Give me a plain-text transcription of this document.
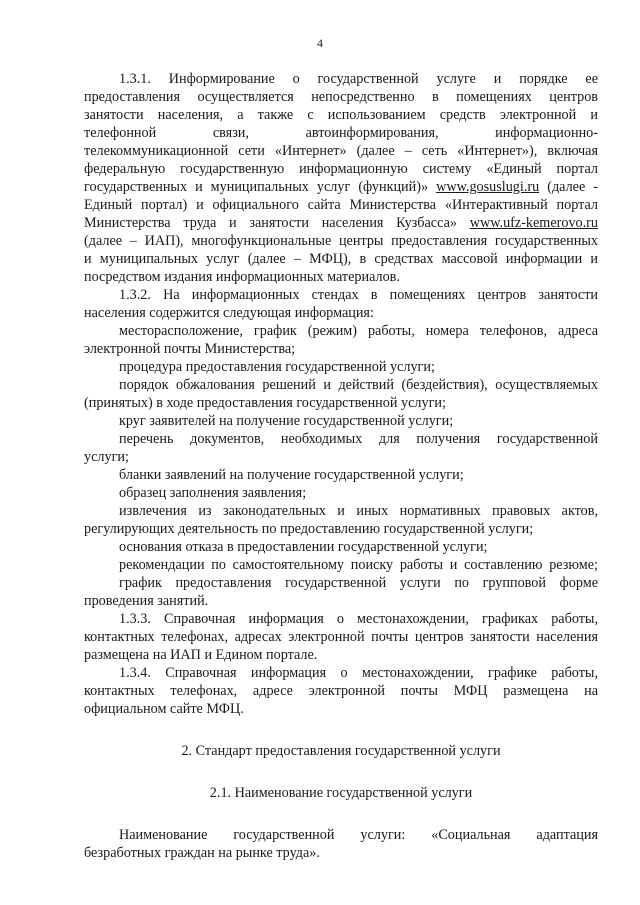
4
1.3.1. Информирование о государственной услуге и порядке ее
предоставления осуществляется непосредственно в помещениях центров
занятости населения, а также с использованием средств электронной и
телефонной связи, автоинформирования, информационно-
телекоммуникационной сети «Интернет» (далее – сеть «Интернет»), включая
федеральную государственную информационную систему «Единый портал
государственных и муниципальных услуг (функций)» www.gosuslugi.ru (далее -
Единый портал) и официального сайта Министерства «Интерактивный портал
Министерства труда и занятости населения Кузбасса» www.ufz-kemerovo.ru
(далее – ИАП), многофункциональные центры предоставления государственных
и муниципальных услуг (далее – МФЦ), в средствах массовой информации и
посредством издания информационных материалов.
1.3.2. На информационных стендах в помещениях центров занятости
населения содержится следующая информация:
месторасположение, график (режим) работы, номера телефонов, адреса
электронной почты Министерства;
процедура предоставления государственной услуги;
порядок обжалования решений и действий (бездействия), осуществляемых
(принятых) в ходе предоставления государственной услуги;
круг заявителей на получение государственной услуги;
перечень документов, необходимых для получения государственной
услуги;
бланки заявлений на получение государственной услуги;
образец заполнения заявления;
извлечения из законодательных и иных нормативных правовых актов,
регулирующих деятельность по предоставлению государственной услуги;
основания отказа в предоставлении государственной услуги;
рекомендации по самостоятельному поиску работы и составлению резюме;
график предоставления государственной услуги по групповой форме
проведения занятий.
1.3.3. Справочная информация о местонахождении, графиках работы,
контактных телефонах, адресах электронной почты центров занятости населения
размещена на ИАП и Едином портале.
1.3.4. Справочная информация о местонахождении, графике работы,
контактных телефонах, адресе электронной почты МФЦ размещена на
официальном сайте МФЦ.
2. Стандарт предоставления государственной услуги
2.1. Наименование государственной услуги
Наименование государственной услуги: «Социальная адаптация
безработных граждан на рынке труда».
